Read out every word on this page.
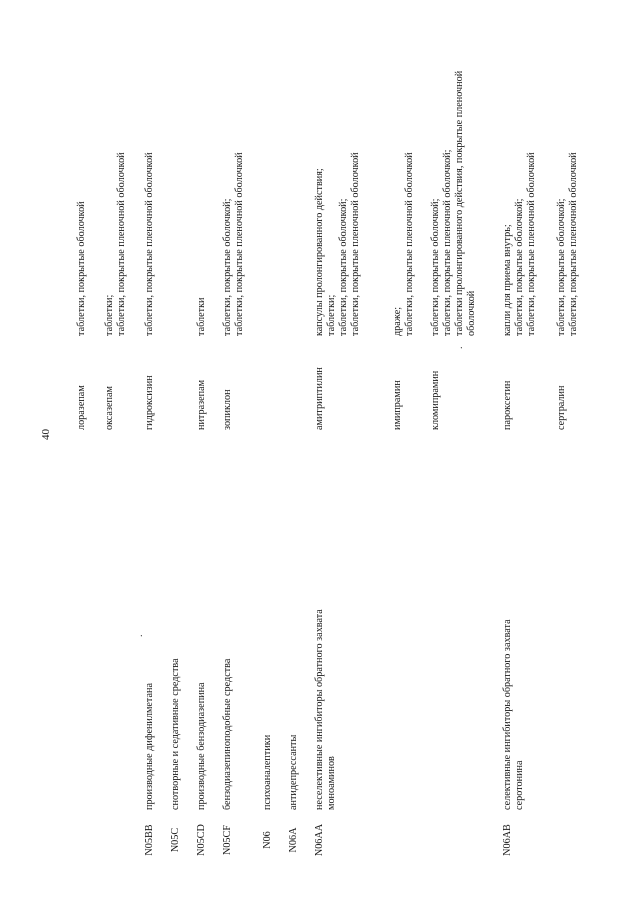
40
.
.
лоразепам
таблетки, покрытые оболочкой
оксазепам
таблетки;
таблетки, покрытые пленочной оболочкой
N05BB
производные дифенилметана
гидроксизин
таблетки, покрытые пленочной оболочкой
N05C
снотворные и седативные средства
N05CD
производные бензодиазепина
нитразепам
таблетки
N05CF
бензодиазепиноподобные средства
зопиклон
таблетки, покрытые оболочкой;
таблетки, покрытые пленочной оболочкой
N06
психоаналептики
N06A
антидепрессанты
N06AA
неселективные ингибиторы обратного захвата моноаминов
амитриптилин
капсулы пролонгированного действия;
таблетки;
таблетки, покрытые оболочкой;
таблетки, покрытые пленочной оболочкой
имипрамин
драже;
таблетки, покрытые пленочной оболочкой
кломипрамин
таблетки, покрытые оболочкой;
таблетки, покрытые пленочной оболочкой;
таблетки пролонгированного действия, покрытые пленочной оболочкой
N06AB
селективные ингибиторы обратного захвата серотонина
пароксетин
капли для приема внутрь;
таблетки, покрытые оболочкой;
таблетки, покрытые пленочной оболочкой
сертралин
таблетки, покрытые оболочкой;
таблетки, покрытые пленочной оболочкой
